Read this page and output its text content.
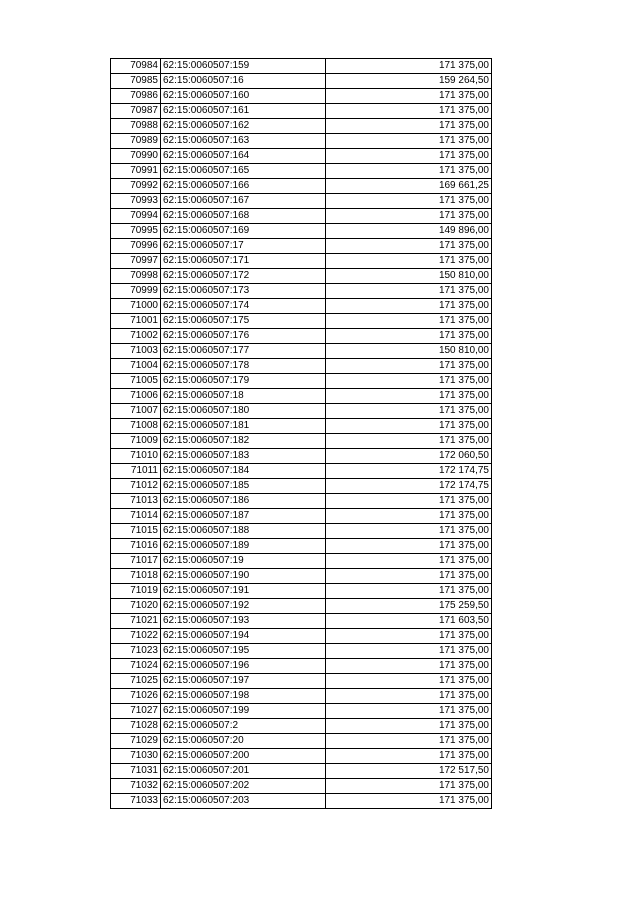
70984	62:15:0060507:159	171 375,00
70985	62:15:0060507:16	159 264,50
70986	62:15:0060507:160	171 375,00
70987	62:15:0060507:161	171 375,00
70988	62:15:0060507:162	171 375,00
70989	62:15:0060507:163	171 375,00
70990	62:15:0060507:164	171 375,00
70991	62:15:0060507:165	171 375,00
70992	62:15:0060507:166	169 661,25
70993	62:15:0060507:167	171 375,00
70994	62:15:0060507:168	171 375,00
70995	62:15:0060507:169	149 896,00
70996	62:15:0060507:17	171 375,00
70997	62:15:0060507:171	171 375,00
70998	62:15:0060507:172	150 810,00
70999	62:15:0060507:173	171 375,00
71000	62:15:0060507:174	171 375,00
71001	62:15:0060507:175	171 375,00
71002	62:15:0060507:176	171 375,00
71003	62:15:0060507:177	150 810,00
71004	62:15:0060507:178	171 375,00
71005	62:15:0060507:179	171 375,00
71006	62:15:0060507:18	171 375,00
71007	62:15:0060507:180	171 375,00
71008	62:15:0060507:181	171 375,00
71009	62:15:0060507:182	171 375,00
71010	62:15:0060507:183	172 060,50
71011	62:15:0060507:184	172 174,75
71012	62:15:0060507:185	172 174,75
71013	62:15:0060507:186	171 375,00
71014	62:15:0060507:187	171 375,00
71015	62:15:0060507:188	171 375,00
71016	62:15:0060507:189	171 375,00
71017	62:15:0060507:19	171 375,00
71018	62:15:0060507:190	171 375,00
71019	62:15:0060507:191	171 375,00
71020	62:15:0060507:192	175 259,50
71021	62:15:0060507:193	171 603,50
71022	62:15:0060507:194	171 375,00
71023	62:15:0060507:195	171 375,00
71024	62:15:0060507:196	171 375,00
71025	62:15:0060507:197	171 375,00
71026	62:15:0060507:198	171 375,00
71027	62:15:0060507:199	171 375,00
71028	62:15:0060507:2	171 375,00
71029	62:15:0060507:20	171 375,00
71030	62:15:0060507:200	171 375,00
71031	62:15:0060507:201	172 517,50
71032	62:15:0060507:202	171 375,00
71033	62:15:0060507:203	171 375,00
